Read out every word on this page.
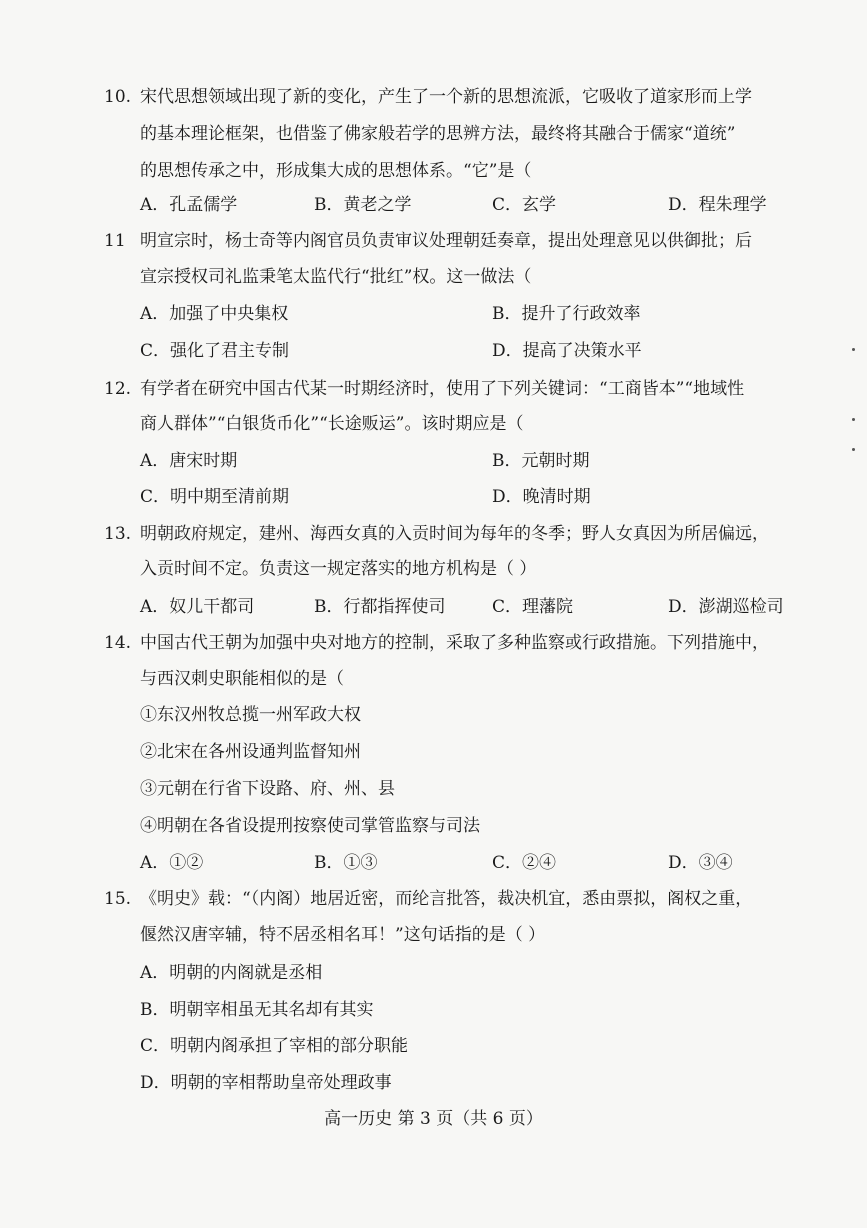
10. 宋代思想领域出现了新的变化，产生了一个新的思想流派，它吸收了道家形而上学
的基本理论框架，也借鉴了佛家般若学的思辨方法，最终将其融合于儒家“道统”
的思想传承之中，形成集大成的思想体系。“它”是（
A．孔孟儒学	B．黄老之学	C．玄学	D．程朱理学
11 明宣宗时，杨士奇等内阁官员负责审议处理朝廷奏章，提出处理意见以供御批；后
宣宗授权司礼监秉笔太监代行“批红”权。这一做法（
A．加强了中央集权	B．提升了行政效率
C．强化了君主专制	D．提高了决策水平
12. 有学者在研究中国古代某一时期经济时，使用了下列关键词：“工商皆本”“地域性
商人群体”“白银货币化”“长途贩运”。该时期应是（
A．唐宋时期	B．元朝时期
C．明中期至清前期	D．晚清时期
13. 明朝政府规定，建州、海西女真的入贡时间为每年的冬季；野人女真因为所居偏远，
入贡时间不定。负责这一规定落实的地方机构是（ ）
A．奴儿干都司	B．行都指挥使司	C．理藩院	D．澎湖巡检司
14. 中国古代王朝为加强中央对地方的控制，采取了多种监察或行政措施。下列措施中，
与西汉刺史职能相似的是（
①东汉州牧总揽一州军政大权
②北宋在各州设通判监督知州
③元朝在行省下设路、府、州、县
④明朝在各省设提刑按察使司掌管监察与司法
A．①②	B．①③	C．②④	D．③④
15. 《明史》载：“（内阁）地居近密，而纶言批答，裁决机宜，悉由票拟，阁权之重，
偃然汉唐宰辅，特不居丞相名耳！”这句话指的是（ ）
A．明朝的内阁就是丞相
B．明朝宰相虽无其名却有其实
C．明朝内阁承担了宰相的部分职能
D．明朝的宰相帮助皇帝处理政事
高一历史 第 3 页（共 6 页）
